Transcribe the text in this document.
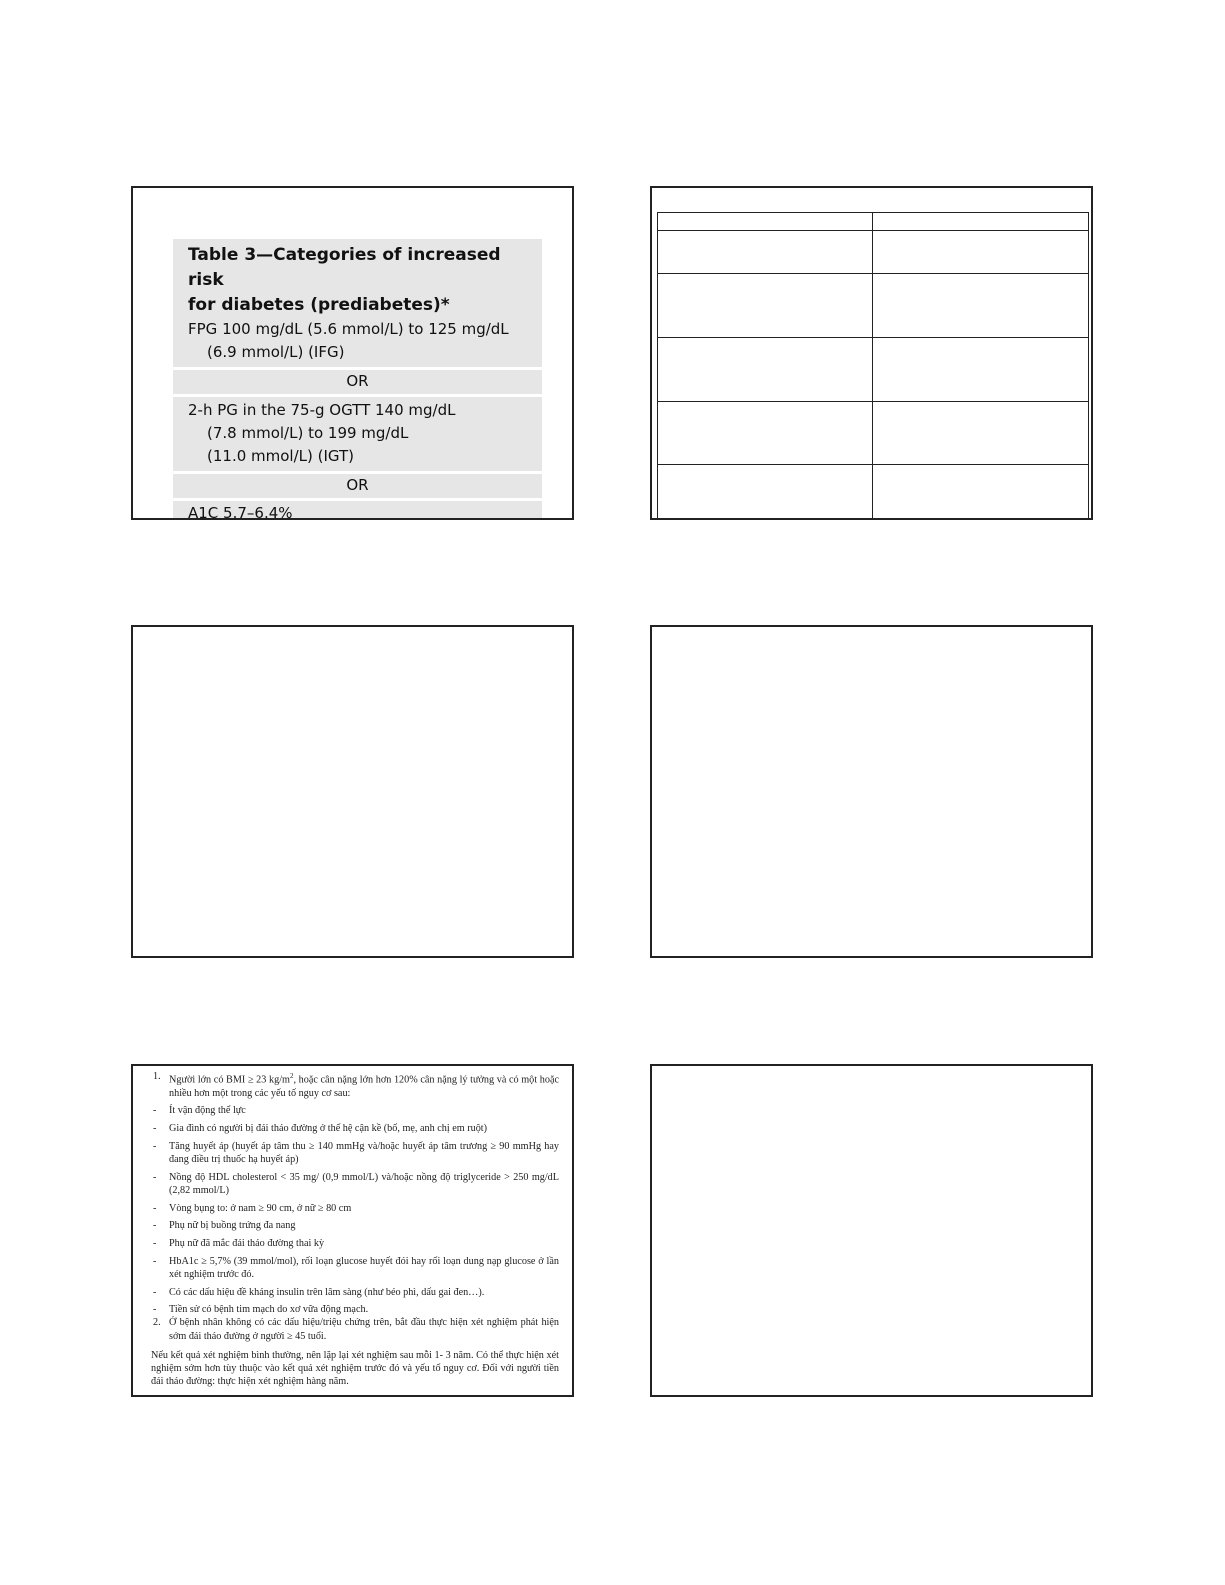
Table 3—Categories of increased risk
for diabetes (prediabetes)*
FPG 100 mg/dL (5.6 mmol/L) to 125 mg/dL
(6.9 mmol/L) (IFG)
OR
2-h PG in the 75-g OGTT 140 mg/dL
(7.8 mmol/L) to 199 mg/dL
(11.0 mmol/L) (IGT)
OR
A1C 5.7–6.4%

1. Người lớn có BMI ≥ 23 $kg/m^2$, hoặc cân nặng lớn hơn 120% cân nặng lý tưởng và có một hoặc nhiều hơn một trong các yếu tố nguy cơ sau:
- Ít vận động thể lực
- Gia đình có người bị đái tháo đường ở thế hệ cận kề (bố, mẹ, anh chị em ruột)
- Tăng huyết áp (huyết áp tâm thu ≥ 140 mmHg và/hoặc huyết áp tâm trương ≥ 90 mmHg hay đang điều trị thuốc hạ huyết áp)
- Nồng độ HDL cholesterol < 35 mg/ (0,9 mmol/L) và/hoặc nồng độ triglyceride > 250 mg/dL (2,82 mmol/L)
- Vòng bụng to: ở nam ≥ 90 cm, ở nữ ≥ 80 cm
- Phụ nữ bị buồng trứng đa nang
- Phụ nữ đã mắc đái tháo đường thai kỳ
- HbA1c ≥ 5,7% (39 mmol/mol), rối loạn glucose huyết đói hay rối loạn dung nạp glucose ở lần xét nghiệm trước đó.
- Có các dấu hiệu đề kháng insulin trên lâm sàng (như béo phì, dấu gai đen…).
- Tiền sử có bệnh tim mạch do xơ vữa động mạch.
2. Ở bệnh nhân không có các dấu hiệu/triệu chứng trên, bắt đầu thực hiện xét nghiệm phát hiện sớm đái tháo đường ở người ≥ 45 tuổi.
Nếu kết quả xét nghiệm bình thường, nên lặp lại xét nghiệm sau mỗi 1- 3 năm. Có thể thực hiện xét nghiệm sớm hơn tùy thuộc vào kết quả xét nghiệm trước đó và yếu tố nguy cơ. Đối với người tiền đái tháo đường: thực hiện xét nghiệm hàng năm.
